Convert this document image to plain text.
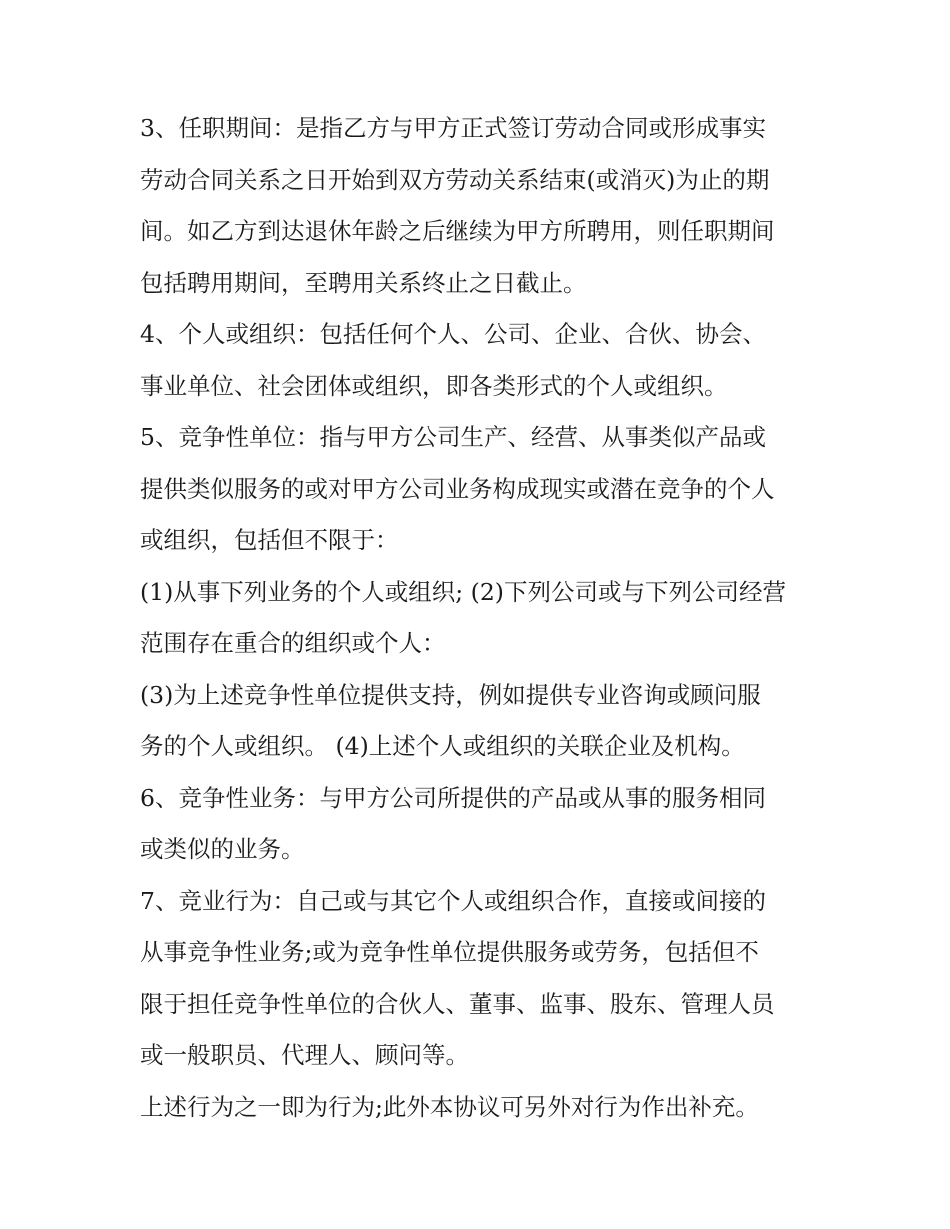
3、任职期间：是指乙方与甲方正式签订劳动合同或形成事实
劳动合同关系之日开始到双方劳动关系结束(或消灭)为止的期
间。如乙方到达退休年龄之后继续为甲方所聘用，则任职期间
包括聘用期间，至聘用关系终止之日截止。
4、个人或组织：包括任何个人、公司、企业、合伙、协会、
事业单位、社会团体或组织，即各类形式的个人或组织。
5、竞争性单位：指与甲方公司生产、经营、从事类似产品或
提供类似服务的或对甲方公司业务构成现实或潜在竞争的个人
或组织，包括但不限于：
(1)从事下列业务的个人或组织; (2)下列公司或与下列公司经营
范围存在重合的组织或个人：
(3)为上述竞争性单位提供支持，例如提供专业咨询或顾问服
务的个人或组织。 (4)上述个人或组织的关联企业及机构。
6、竞争性业务：与甲方公司所提供的产品或从事的服务相同
或类似的业务。
7、竞业行为：自己或与其它个人或组织合作，直接或间接的
从事竞争性业务;或为竞争性单位提供服务或劳务，包括但不
限于担任竞争性单位的合伙人、董事、监事、股东、管理人员
或一般职员、代理人、顾问等。
上述行为之一即为行为;此外本协议可另外对行为作出补充。
